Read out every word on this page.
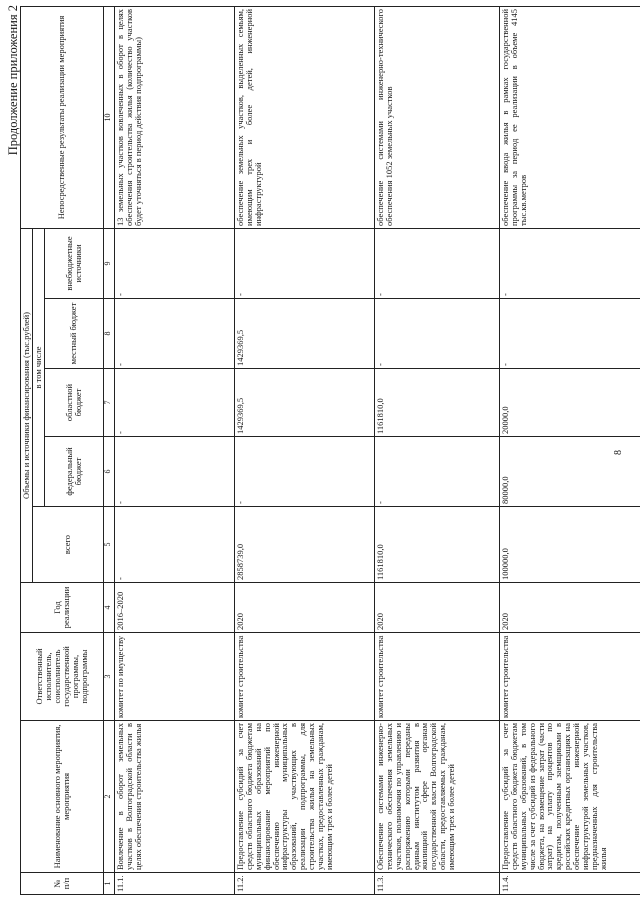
Продолжение приложения 2
№ п/п	Наименование основного мероприятия, мероприятия	Ответственный исполнитель, соисполнитель государственной программы, подпрограммы	Год реализации	Объемы и источники финансирования (тыс.рублей)					Непосредственные результаты реализации мероприятия
				всего	в том числе				
					федеральный бюджет	областной бюджет	местный бюджет	внебюджетные источники	
1	2	3	4	5	6	7	8	9	10
11.1.	Вовлечение в оборот земельных участков в Волгоградской области в целях обеспечения строительства жилья	комитет по имуществу	2016–2020	-	-	-	-	-	13 земельных участков вовлеченных в оборот в целях обеспечения строительства жилья (количество участков будет уточняться в период действия подпрограммы)
11.2.	Предоставление субсидий за счет средств областного бюджета бюджетам муниципальных образований на финансирование мероприятий по обеспечению инженерной инфраструктуры муниципальных образований, участвующих в реализации подпрограммы, для строительства жилья на земельных участках, предоставленных гражданам, имеющим трех и более детей	комитет строительства	2020	2858739,0	-	1429369,5	1429369,5	-	обеспечение земельных участков, выделенных семьям, имеющим трех и более детей, инженерной инфраструктурой
11.3.	Обеспечение системами инженерно-технического обеспечения земельных участков, полномочия по управлению и распоряжению которыми переданы единым институтом развития в жилищной сфере органам государственной власти Волгоградской области, предоставляемых гражданам, имеющим трех и более детей	комитет строительства	2020	1161810,0	-	1161810,0	-	-	обеспечение системами инженерно-технического обеспечения 1052 земельных участков
11.4.	Предоставление субсидий за счет средств областного бюджета бюджетам муниципальных образований, в том числе за счет субсидий из федерального бюджета, на возмещение затрат (части затрат) на уплату процентов по кредитам, полученным заемщиками в российских кредитных организациях на обеспечение инженерной инфраструктурой земельных участков, предназначенных для строительства жилья	комитет строительства	2020	100000,0	80000,0	20000,0	-	-	обеспечение ввода жилья в рамках государственной программы за период ее реализации в объеме 4145 тыс.кв.метров
8
